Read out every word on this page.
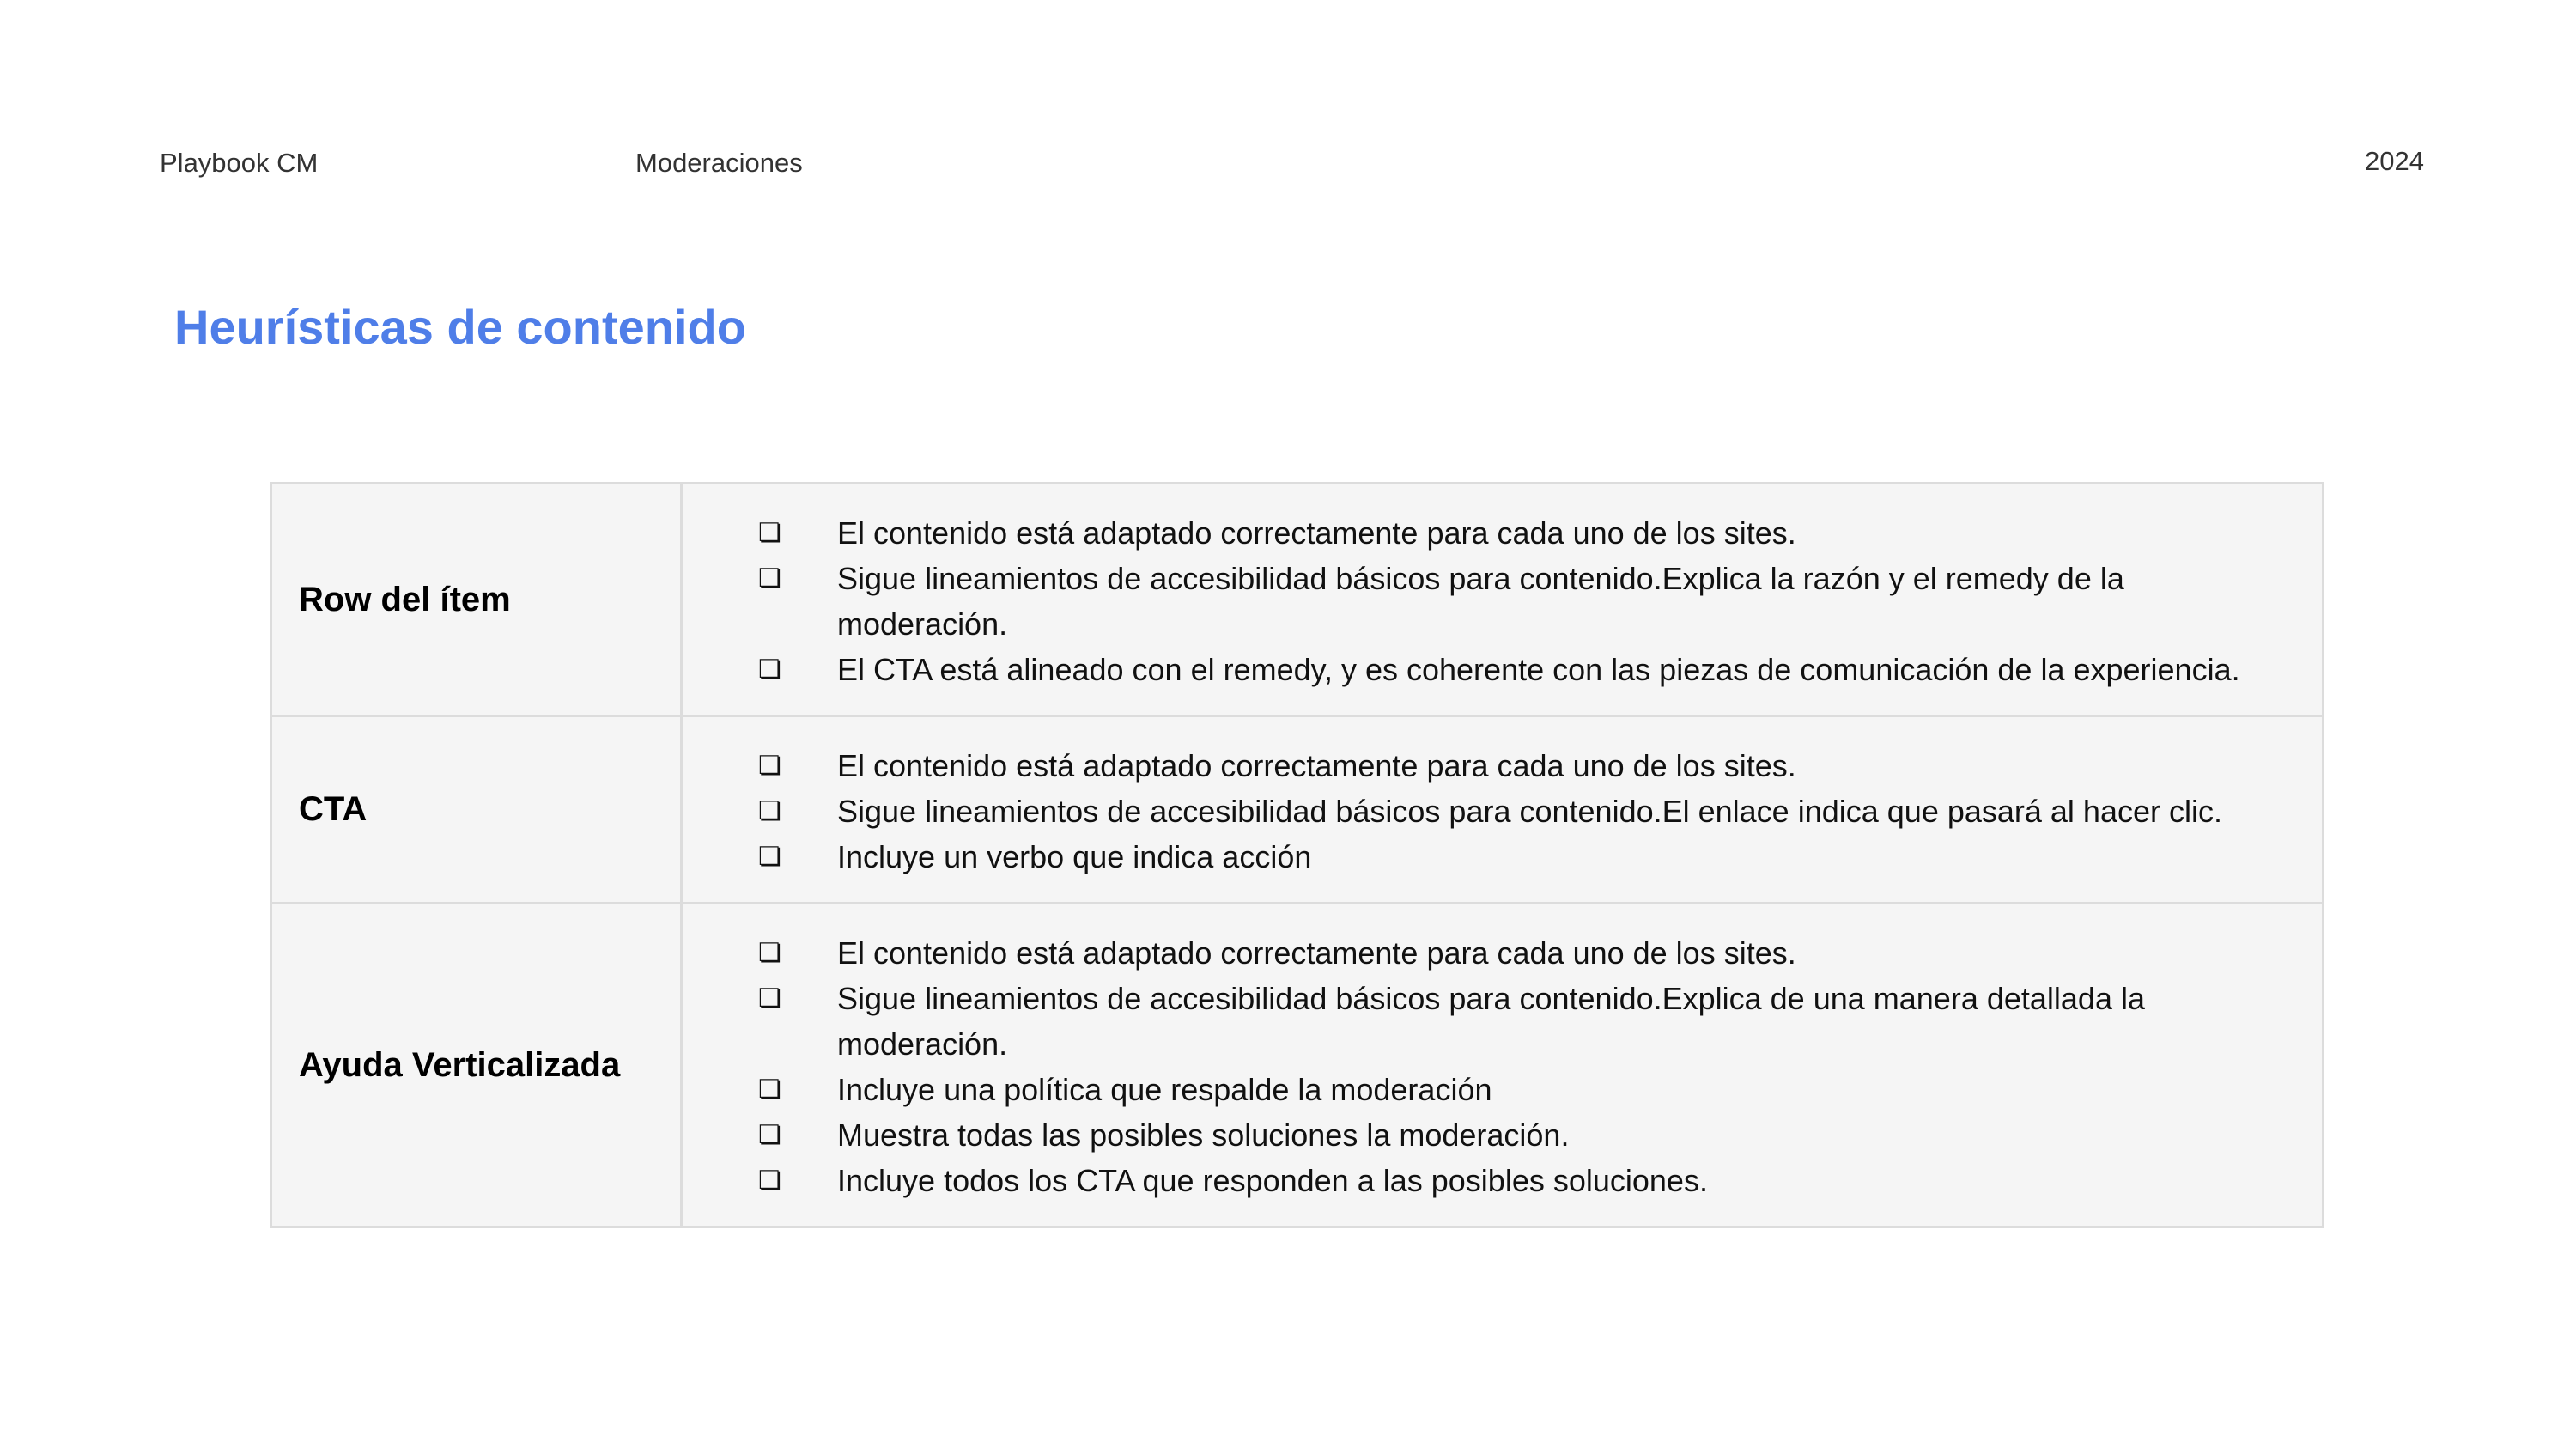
Playbook CM	Moderaciones	2024
Heurísticas de contenido
Row del ítem
❏	El contenido está adaptado correctamente para cada uno de los sites.
❏	Sigue lineamientos de accesibilidad básicos para contenido.Explica la razón y el remedy de la moderación.
❏	El CTA está alineado con el remedy, y es coherente con las piezas de comunicación de la experiencia.
CTA
❏	El contenido está adaptado correctamente para cada uno de los sites.
❏	Sigue lineamientos de accesibilidad básicos para contenido.El enlace indica que pasará al hacer clic.
❏	Incluye un verbo que indica acción
Ayuda Verticalizada
❏	El contenido está adaptado correctamente para cada uno de los sites.
❏	Sigue lineamientos de accesibilidad básicos para contenido.Explica de una manera detallada la moderación.
❏	Incluye una política que respalde la moderación
❏	Muestra todas las posibles soluciones la moderación.
❏	Incluye todos los CTA que responden a las posibles soluciones.
